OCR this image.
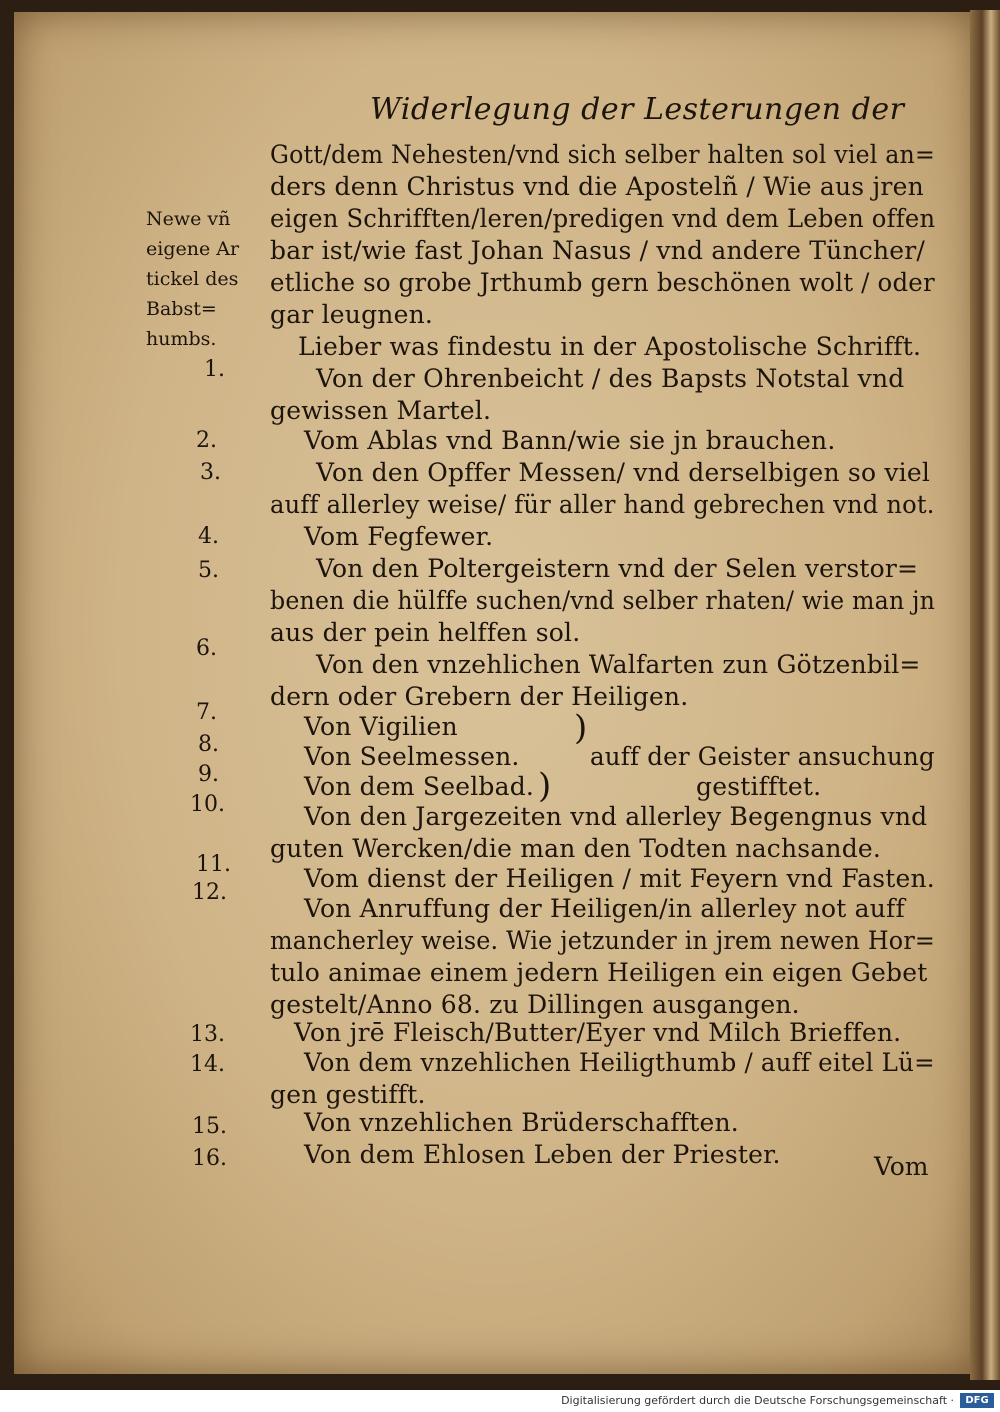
Widerlegung der Lesterungen der
Newe vñ
eigene Ar
tickel des
Babst=
humbs.
Gott/dem Nehesten/vnd sich selber halten sol viel an=
ders denn Christus vnd die Apostelñ / Wie aus jren
eigen Schrifften/leren/predigen vnd dem Leben offen
bar ist/wie fast Johan Nasus / vnd andere Tüncher/
etliche so grobe Jrthumb gern beschönen wolt / oder
gar leugnen.
Lieber was findestu in der Apostolische Schrifft.
1.	Von der Ohrenbeicht / des Bapsts Notstal vnd
gewissen Martel.
2.	Vom Ablas vnd Bann/wie sie jn brauchen.
3.	Von den Opffer Messen/ vnd derselbigen so viel
auff allerley weise/ für aller hand gebrechen vnd not.
4.	Vom Fegfewer.
5.	Von den Poltergeistern vnd der Selen verstor=
benen die hülffe suchen/vnd selber rhaten/ wie man jn
aus der pein helffen sol.
6.
Von den vnzehlichen Walfarten zun Götzenbil=
dern oder Grebern der Heiligen.
7.	Von Vigilien	)
8.	Von Seelmessen.	auff der Geister ansuchung
9.	Von dem Seelbad. )	gestifftet.
10.	Von den Jargezeiten vnd allerley Begengnus vnd
guten Wercken/die man den Todten nachsande.
11.	Vom dienst der Heiligen / mit Feyern vnd Fasten.
12.
Von Anruffung der Heiligen/in allerley not auff
mancherley weise. Wie jetzunder in jrem newen Hor=
tulo animae einem jedern Heiligen ein eigen Gebet
gestelt/Anno 68. zu Dillingen ausgangen.
13.	Von jrē Fleisch/Butter/Eyer vnd Milch Brieffen.
14.	Von dem vnzehlichen Heiligthumb / auff eitel Lü=
gen gestifft.
15.	Von vnzehlichen Brüderschafften.
16.	Von dem Ehlosen Leben der Priester.	Vom
Digitalisierung gefördert durch die Deutsche Forschungsgemeinschaft ·	DFG
